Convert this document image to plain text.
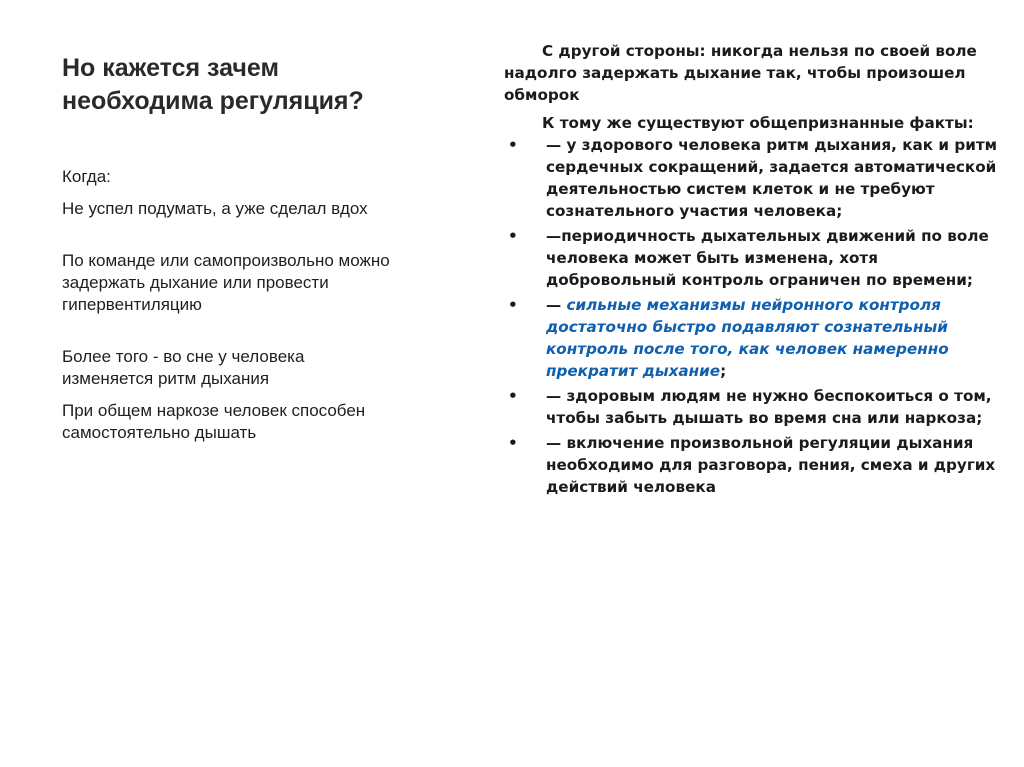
Но кажется зачем необходима регуляция?

Когда:

Не успел подумать, а уже сделал вдох

По команде или самопроизвольно можно задержать дыхание или провести гипервентиляцию

Более того - во сне у человека изменяется ритм дыхания

При общем наркозе человек способен самостоятельно дышать

С другой стороны: никогда нельзя по своей воле надолго задержать дыхание так, чтобы произошел обморок

К тому же существуют общепризнанные факты:

• — у здорового человека ритм дыхания, как и ритм сердечных сокращений, задается автоматической деятельностью систем клеток и не требуют сознательного участия человека;
• —периодичность дыхательных движений по воле человека может быть изменена, хотя добровольный контроль ограничен по времени;
• — сильные механизмы нейронного контроля достаточно быстро подавляют сознательный контроль после того, как человек намеренно прекратит дыхание;
• — здоровым людям не нужно беспокоиться о том, чтобы забыть дышать во время сна или наркоза;
• — включение произвольной регуляции дыхания необходимо для разговора, пения, смеха и других действий человека
